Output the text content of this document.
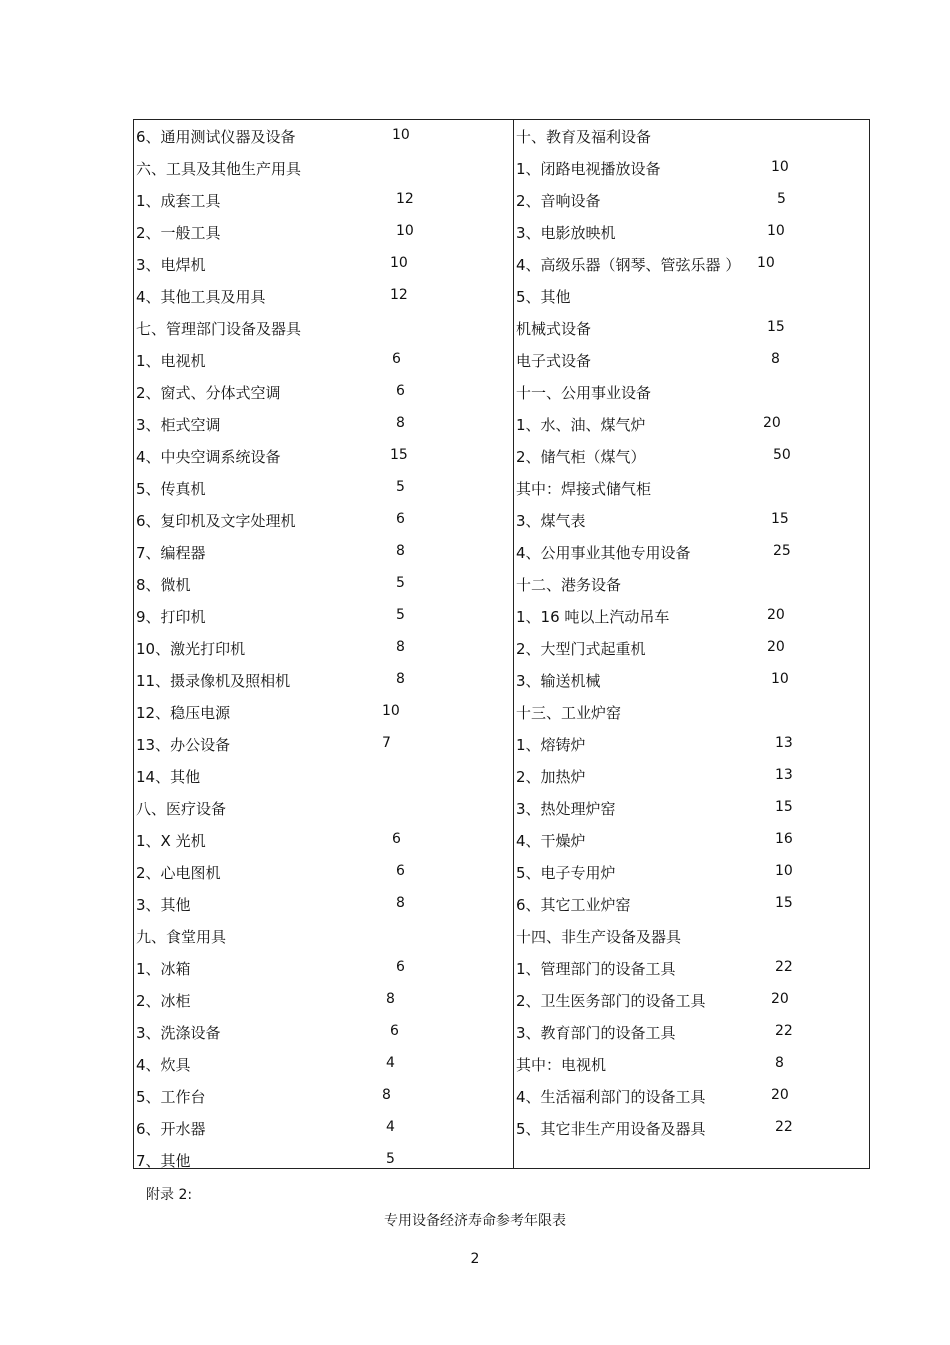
6、通用测试仪器及设备	10
六、工具及其他生产用具
1、成套工具	12
2、一般工具	10
3、电焊机	10
4、其他工具及用具	12
七、管理部门设备及器具
1、电视机	6
2、窗式、分体式空调	6
3、柜式空调	8
4、中央空调系统设备	15
5、传真机	5
6、复印机及文字处理机	6
7、编程器	8
8、微机	5
9、打印机	5
10、激光打印机	8
11、摄录像机及照相机	8
12、稳压电源	10
13、办公设备	7
14、其他
八、医疗设备
1、X 光机	6
2、心电图机	6
3、其他	8
九、食堂用具
1、冰箱	6
2、冰柜	8
3、洗涤设备	6
4、炊具	4
5、工作台	8
6、开水器	4
7、其他	5
十、教育及福利设备
1、闭路电视播放设备	10
2、音响设备	5
3、电影放映机	10
4、高级乐器（钢琴、管弦乐器 ） 10
5、其他
机械式设备	15
电子式设备	8
十一、公用事业设备
1、水、油、煤气炉	20
2、储气柜（煤气）	50
其中：焊接式储气柜
3、煤气表	15
4、公用事业其他专用设备	25
十二、港务设备
1、16 吨以上汽动吊车	20
2、大型门式起重机	20
3、输送机械	10
十三、工业炉窑
1、熔铸炉	13
2、加热炉	13
3、热处理炉窑	15
4、干燥炉	16
5、电子专用炉	10
6、其它工业炉窑	15
十四、非生产设备及器具
1、管理部门的设备工具	22
2、卫生医务部门的设备工具	20
3、教育部门的设备工具	22
其中：电视机	8
4、生活福利部门的设备工具	20
5、其它非生产用设备及器具	22
附录 2:
专用设备经济寿命参考年限表
2
